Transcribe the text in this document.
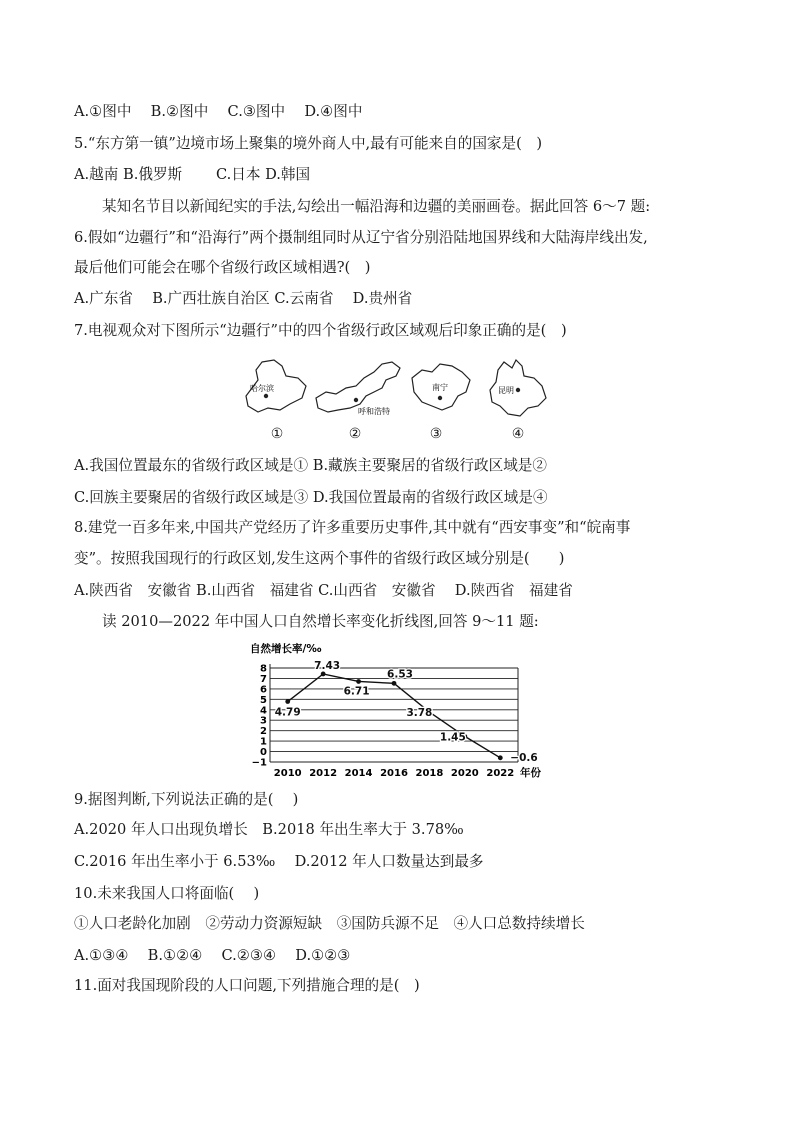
A.①图中　 B.②图中　 C.③图中　 D.④图中
5.“东方第一镇”边境市场上聚集的境外商人中,最有可能来自的国家是(　)
A.越南 B.俄罗斯　　 C.日本 D.韩国
某知名节目以新闻纪实的手法,勾绘出一幅沿海和边疆的美丽画卷。据此回答 6～7 题:
6.假如“边疆行”和“沿海行”两个摄制组同时从辽宁省分别沿陆地国界线和大陆海岸线出发,
最后他们可能会在哪个省级行政区域相遇?(　)
A.广东省　 B.广西壮族自治区 C.云南省　 D.贵州省
7.电视观众对下图所示“边疆行”中的四个省级行政区域观后印象正确的是(　)
哈尔滨
呼和浩特
南宁	昆明
①	②	③	④
A.我国位置最东的省级行政区域是① B.藏族主要聚居的省级行政区域是②
C.回族主要聚居的省级行政区域是③ D.我国位置最南的省级行政区域是④
8.建党一百多年来,中国共产党经历了许多重要历史事件,其中就有“西安事变”和“皖南事
变”。按照我国现行的行政区划,发生这两个事件的省级行政区域分别是(　　)
A.陕西省　安徽省 B.山西省　福建省 C.山西省　安徽省　 D.陕西省　福建省
读 2010—2022 年中国人口自然增长率变化折线图,回答 9～11 题:
−1
0
1
2
3
4
5
6
7
8
自然增长率/‰
2010 2012 2014 2016 2018 2020 2022 年份
4.79
7.43
6.71
6.53
3.78
1.45
−0.6
9.据图判断,下列说法正确的是(　 )
A.2020 年人口出现负增长　B.2018 年出生率大于 3.78‰
C.2016 年出生率小于 6.53‰　 D.2012 年人口数量达到最多
10.未来我国人口将面临(　 )
①人口老龄化加剧　②劳动力资源短缺　③国防兵源不足　④人口总数持续增长
A.①③④　 B.①②④　 C.②③④　 D.①②③
11.面对我国现阶段的人口问题,下列措施合理的是(　)
